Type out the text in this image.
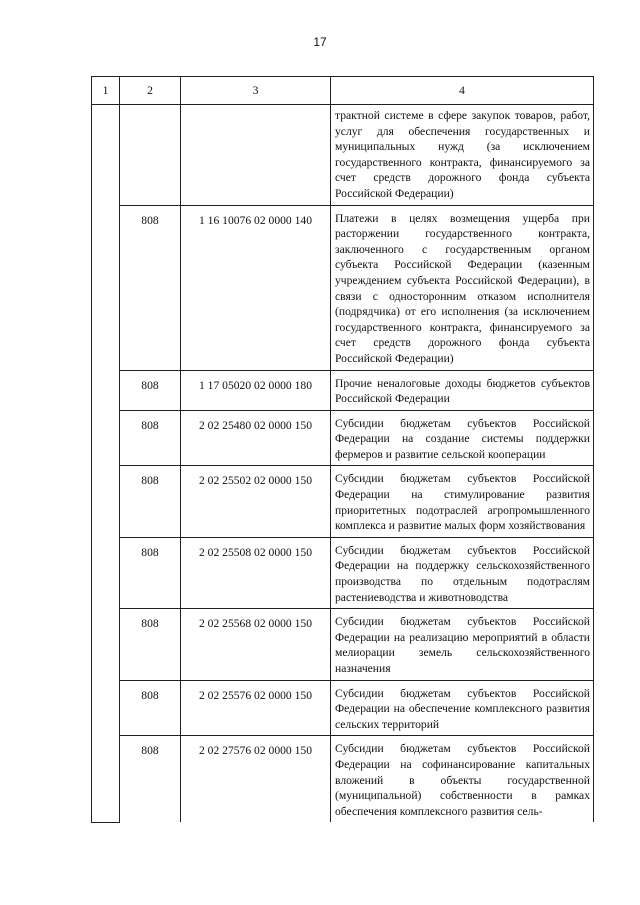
17
1	2	3	4
			трактной системе в сфере закупок товаров, работ, услуг для обеспечения государственных и муниципальных нужд (за исключением государственного контракта, финансируемого за счет средств дорожного фонда субъекта Российской Федерации)
	808	1 16 10076 02 0000 140	Платежи в целях возмещения ущерба при расторжении государственного контракта, заключенного с государственным органом субъекта Российской Федерации (казенным учреждением субъекта Российской Федерации), в связи с односторонним отказом исполнителя (подрядчика) от его исполнения (за исключением государственного контракта, финансируемого за счет средств дорожного фонда субъекта Российской Федерации)
	808	1 17 05020 02 0000 180	Прочие неналоговые доходы бюджетов субъектов Российской Федерации
	808	2 02 25480 02 0000 150	Субсидии бюджетам субъектов Российской Федерации на создание системы поддержки фермеров и развитие сельской кооперации
	808	2 02 25502 02 0000 150	Субсидии бюджетам субъектов Российской Федерации на стимулирование развития приоритетных подотраслей агропромышленного комплекса и развитие малых форм хозяйствования
	808	2 02 25508 02 0000 150	Субсидии бюджетам субъектов Российской Федерации на поддержку сельскохозяйственного производства по отдельным подотраслям растениеводства и животноводства
	808	2 02 25568 02 0000 150	Субсидии бюджетам субъектов Российской Федерации на реализацию мероприятий в области мелиорации земель сельскохозяйственного назначения
	808	2 02 25576 02 0000 150	Субсидии бюджетам субъектов Российской Федерации на обеспечение комплексного развития сельских территорий
	808	2 02 27576 02 0000 150	Субсидии бюджетам субъектов Российской Федерации на софинансирование капитальных вложений в объекты государственной (муниципальной) собственности в рамках обеспечения комплексного развития сель-
